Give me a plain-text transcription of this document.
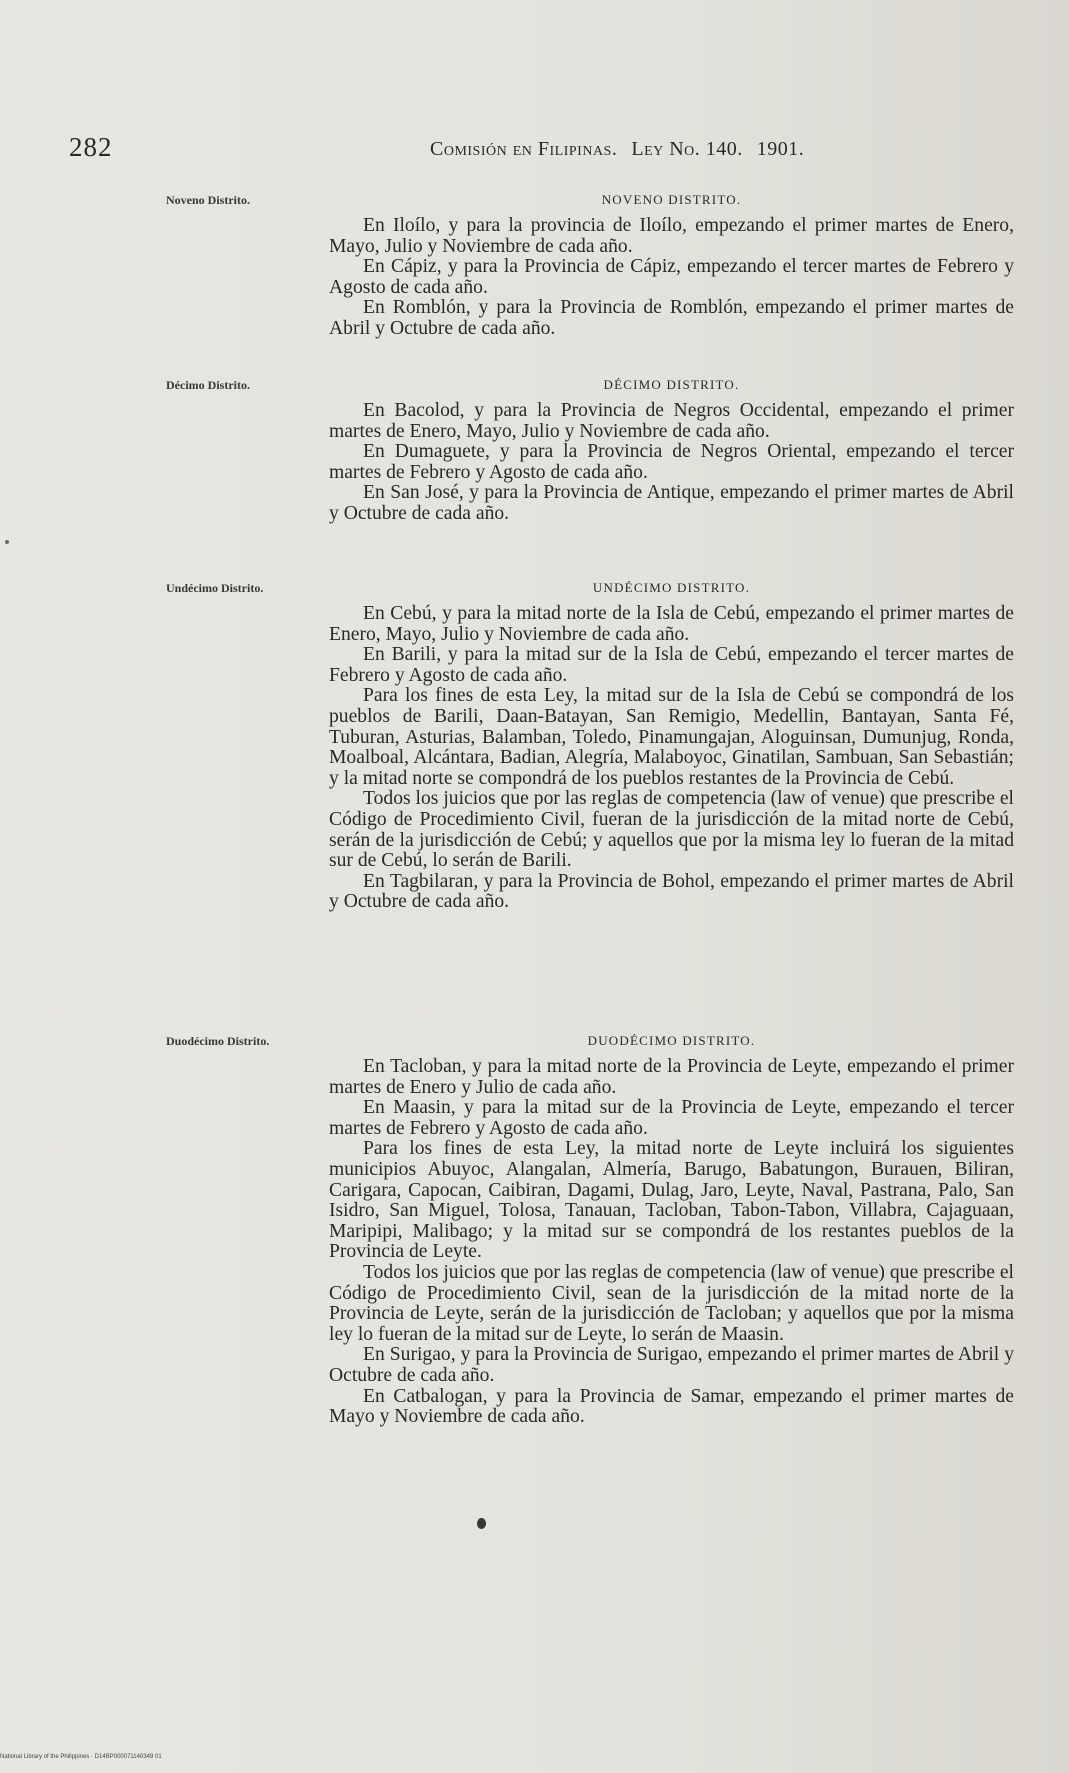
282	Comisión en Filipinas. Ley No. 140. 1901.
Noveno Distrito.	NOVENO DISTRITO.

En Iloílo, y para la provincia de Iloílo, empezando el primer martes de Enero, Mayo, Julio y Noviembre de cada año.

En Cápiz, y para la Provincia de Cápiz, empezando el tercer martes de Febrero y Agosto de cada año.

En Romblón, y para la Provincia de Romblón, empezando el primer martes de Abril y Octubre de cada año.

Décimo Distrito.	DÉCIMO DISTRITO.

En Bacolod, y para la Provincia de Negros Occidental, empezando el primer martes de Enero, Mayo, Julio y Noviembre de cada año.

En Dumaguete, y para la Provincia de Negros Oriental, empezando el tercer martes de Febrero y Agosto de cada año.

En San José, y para la Provincia de Antique, empezando el primer martes de Abril y Octubre de cada año.

Undécimo Distrito.	UNDÉCIMO DISTRITO.

En Cebú, y para la mitad norte de la Isla de Cebú, empezando el primer martes de Enero, Mayo, Julio y Noviembre de cada año.

En Barili, y para la mitad sur de la Isla de Cebú, empezando el tercer martes de Febrero y Agosto de cada año.

Para los fines de esta Ley, la mitad sur de la Isla de Cebú se compondrá de los pueblos de Barili, Daan-Batayan, San Remigio, Medellin, Bantayan, Santa Fé, Tuburan, Asturias, Balamban, Toledo, Pinamungajan, Aloguinsan, Dumunjug, Ronda, Moalboal, Alcántara, Badian, Alegría, Malaboyoc, Ginatilan, Sambuan, San Sebastián; y la mitad norte se compondrá de los pueblos restantes de la Provincia de Cebú.

Todos los juicios que por las reglas de competencia (law of venue) que prescribe el Código de Procedimiento Civil, fueran de la jurisdicción de la mitad norte de Cebú, serán de la jurisdicción de Cebú; y aquellos que por la misma ley lo fueran de la mitad sur de Cebú, lo serán de Barili.

En Tagbilaran, y para la Provincia de Bohol, empezando el primer martes de Abril y Octubre de cada año.

Duodécimo Distrito.	DUODÉCIMO DISTRITO.

En Tacloban, y para la mitad norte de la Provincia de Leyte, empezando el primer martes de Enero y Julio de cada año.

En Maasin, y para la mitad sur de la Provincia de Leyte, empezando el tercer martes de Febrero y Agosto de cada año.

Para los fines de esta Ley, la mitad norte de Leyte incluirá los siguientes municipios Abuyoc, Alangalan, Almería, Barugo, Babatungon, Burauen, Biliran, Carigara, Capocan, Caibiran, Dagami, Dulag, Jaro, Leyte, Naval, Pastrana, Palo, San Isidro, San Miguel, Tolosa, Tanauan, Tacloban, Tabon-Tabon, Villabra, Cajaguaan, Maripipi, Malibago; y la mitad sur se compondrá de los restantes pueblos de la Provincia de Leyte.

Todos los juicios que por las reglas de competencia (law of venue) que prescribe el Código de Procedimiento Civil, sean de la jurisdicción de la mitad norte de la Provincia de Leyte, serán de la jurisdicción de Tacloban; y aquellos que por la misma ley lo fueran de la mitad sur de Leyte, lo serán de Maasin.

En Surigao, y para la Provincia de Surigao, empezando el primer martes de Abril y Octubre de cada año.

En Catbalogan, y para la Provincia de Samar, empezando el primer martes de Mayo y Noviembre de cada año.

National Library of the Philippines · D14BP000071140349 01
